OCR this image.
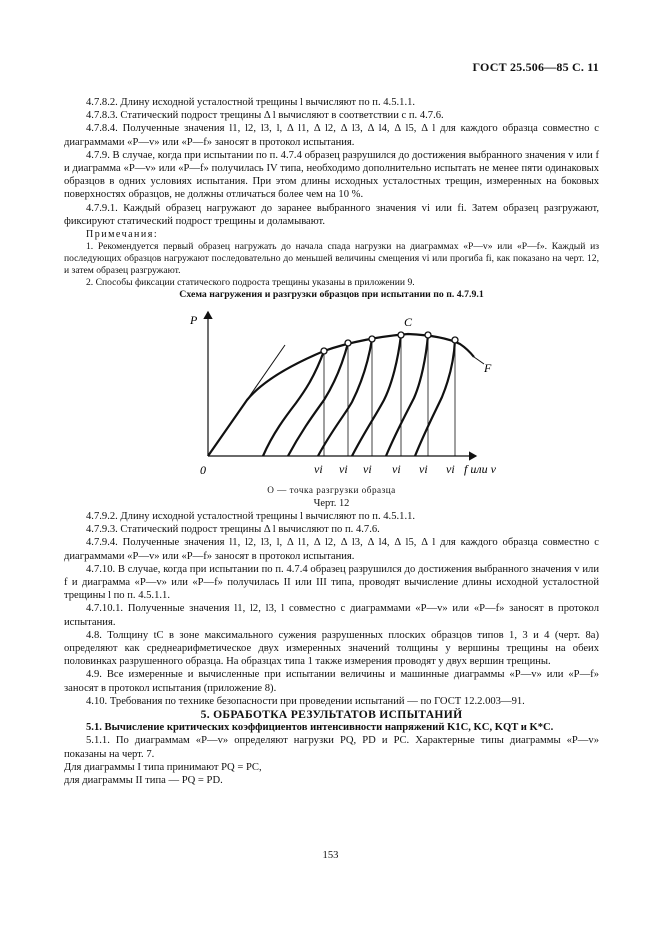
ГОСТ 25.506—85 С. 11

4.7.8.2. Длину исходной усталостной трещины l вычисляют по п. 4.5.1.1.

4.7.8.3. Статический подрост трещины Δ l вычисляют в соответствии с п. 4.7.6.

4.7.8.4. Полученные значения l1, l2, l3, l, Δ l1, Δ l2, Δ l3, Δ l4, Δ l5, Δ l для каждого образца совместно с диаграммами «P—v» или «P—f» заносят в протокол испытания.

4.7.9. В случае, когда при испытании по п. 4.7.4 образец разрушился до достижения выбранного значения v или f и диаграмма «P—v» или «P—f» получилась IV типа, необходимо дополнительно испытать не менее пяти одинаковых образцов в одних условиях испытания. При этом длины исходных усталостных трещин, измеренных на боковых поверхностях образцов, не должны отличаться более чем на 10 %.

4.7.9.1. Каждый образец нагружают до заранее выбранного значения vi или fi. Затем образец разгружают, фиксируют статический подрост трещины и доламывают.

Примечания:

1. Рекомендуется первый образец нагружать до начала спада нагрузки на диаграммах «P—v» или «P—f». Каждый из последующих образцов нагружают последовательно до меньшей величины смещения vi или прогиба fi, как показано на черт. 12, и затем образец разгружают.

2. Способы фиксации статического подроста трещины указаны в приложении 9.

Схема нагружения и разгрузки образцов при испытании по п. 4.7.9.1

P
0
C
F
vi vi vi vi vi vi f или v

О — точка разгрузки образца

Черт. 12

4.7.9.2. Длину исходной усталостной трещины l вычисляют по п. 4.5.1.1.

4.7.9.3. Статический подрост трещины Δ l вычисляют по п. 4.7.6.

4.7.9.4. Полученные значения l1, l2, l3, l, Δ l1, Δ l2, Δ l3, Δ l4, Δ l5, Δ l для каждого образца совместно с диаграммами «P—v» или «P—f» заносят в протокол испытания.

4.7.10. В случае, когда при испытании по п. 4.7.4 образец разрушился до достижения выбранного значения v или f и диаграмма «P—v» или «P—f» получилась II или III типа, проводят вычисление длины исходной усталостной трещины l по п. 4.5.1.1.

4.7.10.1. Полученные значения l1, l2, l3, l совместно с диаграммами «P—v» или «P—f» заносят в протокол испытания.

4.8. Толщину tC в зоне максимального сужения разрушенных плоских образцов типов 1, 3 и 4 (черт. 8а) определяют как среднеарифметическое двух измеренных значений толщины у вершины трещины на обеих половинках разрушенного образца. На образцах типа 1 также измерения проводят у двух вершин трещины.

4.9. Все измеренные и вычисленные при испытании величины и машинные диаграммы «P—v» или «P—f» заносят в протокол испытания (приложение 8).

4.10. Требования по технике безопасности при проведении испытаний — по ГОСТ 12.2.003—91.

5. ОБРАБОТКА РЕЗУЛЬТАТОВ ИСПЫТАНИЙ

5.1. Вычисление критических коэффициентов интенсивности напряжений K1C, KC, KQT и K*C.

5.1.1. По диаграммам «P—v» определяют нагрузки PQ, PD и PC. Характерные типы диаграммы «P—v» показаны на черт. 7.

Для диаграммы I типа принимают PQ = PC,

для диаграммы II типа — PQ = PD.

153
